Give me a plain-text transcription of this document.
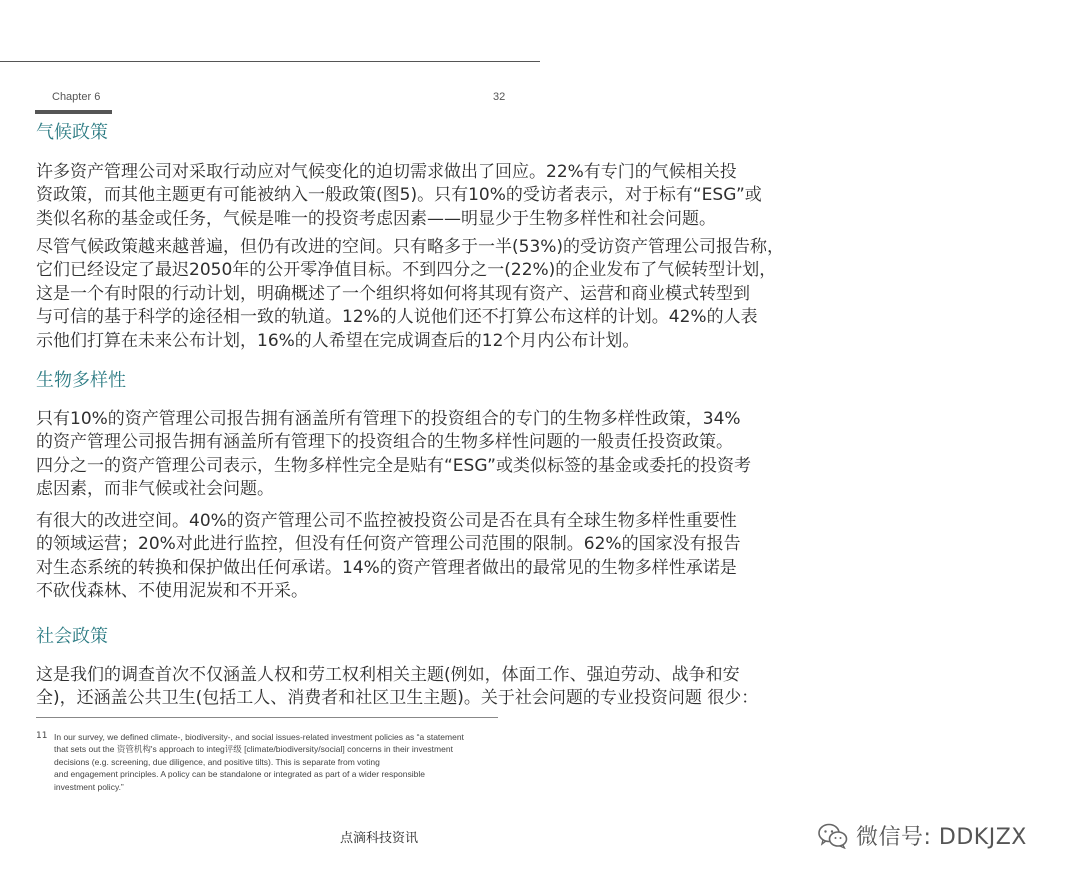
Chapter 6	32
气候政策

许多资产管理公司对采取行动应对气候变化的迫切需求做出了回应。22%有专门的气候相关投
资政策，而其他主题更有可能被纳入一般政策(图5)。只有10%的受访者表示，对于标有“ESG”或
类似名称的基金或任务，气候是唯一的投资考虑因素——明显少于生物多样性和社会问题。

尽管气候政策越来越普遍，但仍有改进的空间。只有略多于一半(53%)的受访资产管理公司报告称，
它们已经设定了最迟2050年的公开零净值目标。不到四分之一(22%)的企业发布了气候转型计划，
这是一个有时限的行动计划，明确概述了一个组织将如何将其现有资产、运营和商业模式转型到
与可信的基于科学的途径相一致的轨道。12%的人说他们还不打算公布这样的计划。42%的人表
示他们打算在未来公布计划，16%的人希望在完成调查后的12个月内公布计划。

生物多样性

只有10%的资产管理公司报告拥有涵盖所有管理下的投资组合的专门的生物多样性政策，34%
的资产管理公司报告拥有涵盖所有管理下的投资组合的生物多样性问题的一般责任投资政策。
四分之一的资产管理公司表示，生物多样性完全是贴有“ESG”或类似标签的基金或委托的投资考
虑因素，而非气候或社会问题。

有很大的改进空间。40%的资产管理公司不监控被投资公司是否在具有全球生物多样性重要性
的领域运营；20%对此进行监控，但没有任何资产管理公司范围的限制。62%的国家没有报告
对生态系统的转换和保护做出任何承诺。14%的资产管理者做出的最常见的生物多样性承诺是
不砍伐森林、不使用泥炭和不开采。

社会政策

这是我们的调查首次不仅涵盖人权和劳工权利相关主题(例如，体面工作、强迫劳动、战争和安
全)，还涵盖公共卫生(包括工人、消费者和社区卫生主题)。关于社会问题的专业投资问题 很少：

11 In our survey, we defined climate-, biodiversity-, and social issues-related investment policies as “a statement
that sets out the 资管机构's approach to integ评级 [climate/biodiversity/social] concerns in their investment
decisions (e.g. screening, due diligence, and positive tilts). This is separate from voting
and engagement principles. A policy can be standalone or integrated as part of a wider responsible
investment policy.”

点滴科技资讯	微信号: DDKJZX
